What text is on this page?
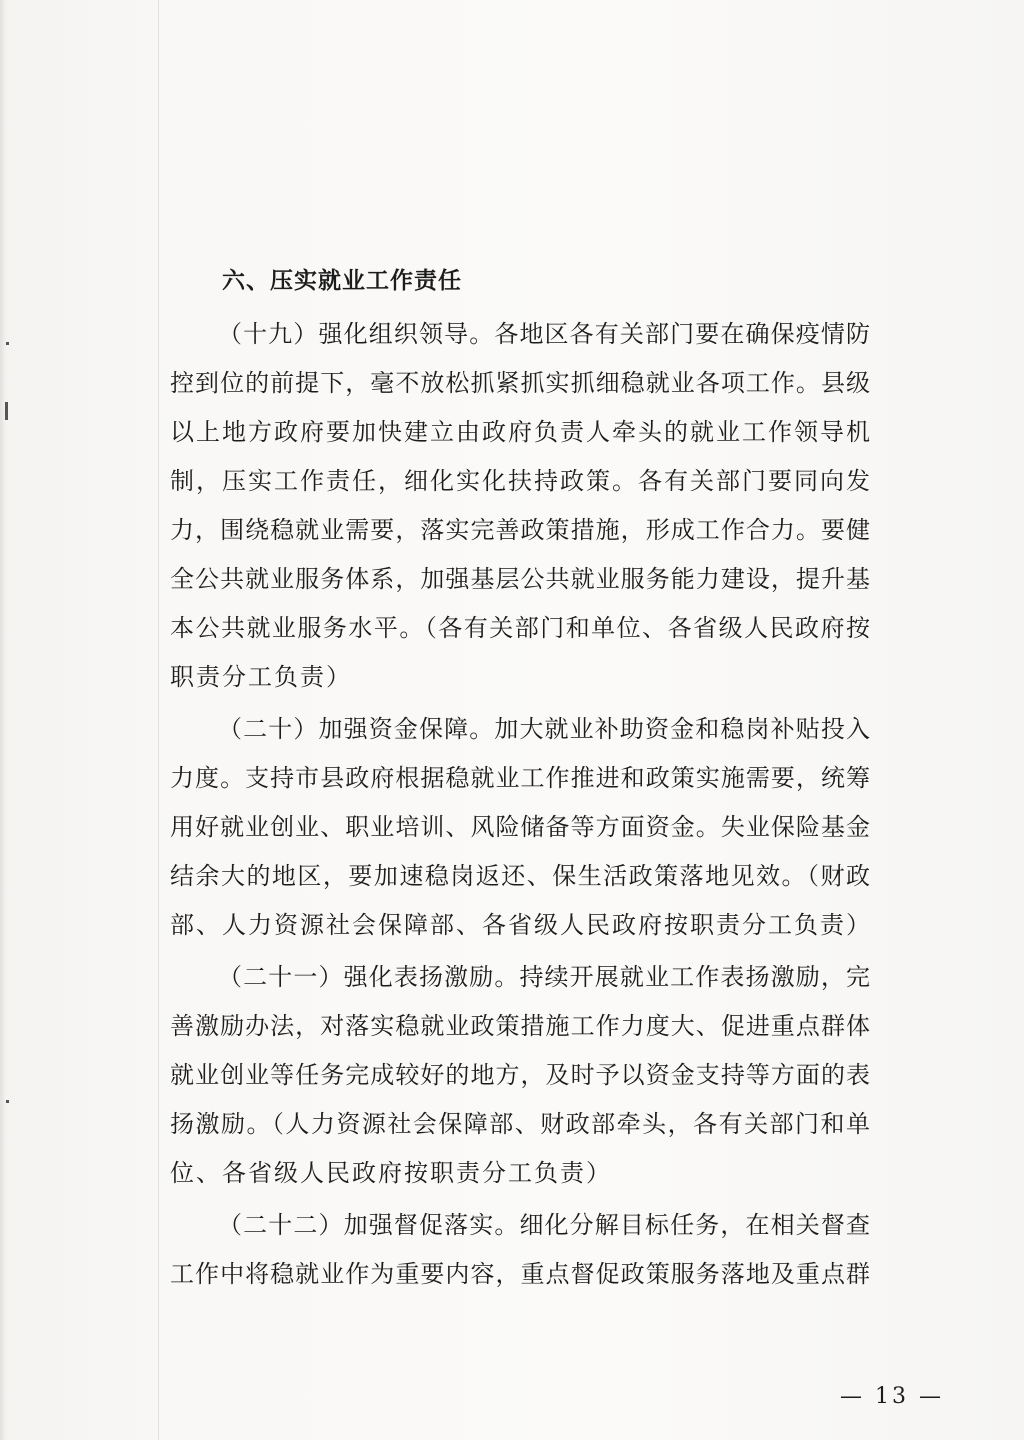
六、压实就业工作责任
（十九）强化组织领导。各地区各有关部门要在确保疫情防
控到位的前提下，毫不放松抓紧抓实抓细稳就业各项工作。县级
以上地方政府要加快建立由政府负责人牵头的就业工作领导机
制，压实工作责任，细化实化扶持政策。各有关部门要同向发
力，围绕稳就业需要，落实完善政策措施，形成工作合力。要健
全公共就业服务体系，加强基层公共就业服务能力建设，提升基
本公共就业服务水平。（各有关部门和单位、各省级人民政府按
职责分工负责）
（二十）加强资金保障。加大就业补助资金和稳岗补贴投入
力度。支持市县政府根据稳就业工作推进和政策实施需要，统筹
用好就业创业、职业培训、风险储备等方面资金。失业保险基金
结余大的地区，要加速稳岗返还、保生活政策落地见效。（财政
部、人力资源社会保障部、各省级人民政府按职责分工负责）
（二十一）强化表扬激励。持续开展就业工作表扬激励，完
善激励办法，对落实稳就业政策措施工作力度大、促进重点群体
就业创业等任务完成较好的地方，及时予以资金支持等方面的表
扬激励。（人力资源社会保障部、财政部牵头，各有关部门和单
位、各省级人民政府按职责分工负责）
（二十二）加强督促落实。细化分解目标任务，在相关督查
工作中将稳就业作为重要内容，重点督促政策服务落地及重点群
— 13 —
